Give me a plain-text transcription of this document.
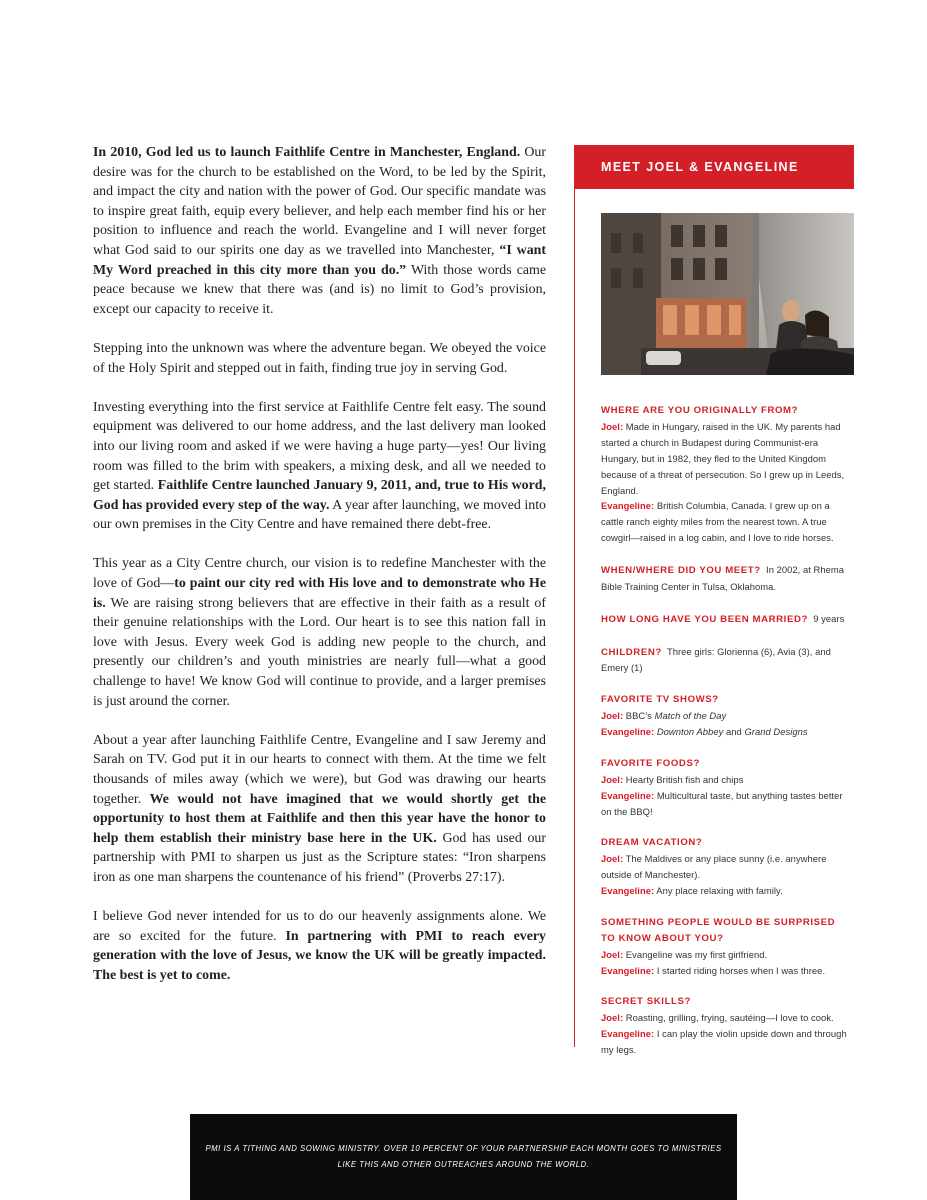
In 2010, God led us to launch Faithlife Centre in Manchester, England. Our desire was for the church to be established on the Word, to be led by the Spirit, and impact the city and nation with the power of God. Our specific mandate was to inspire great faith, equip every believer, and help each member find his or her position to influence and reach the world. Evangeline and I will never forget what God said to our spirits one day as we travelled into Manchester, “I want My Word preached in this city more than you do.” With those words came peace because we knew that there was (and is) no limit to God’s provision, except our capacity to receive it.

Stepping into the unknown was where the adventure began. We obeyed the voice of the Holy Spirit and stepped out in faith, finding true joy in serving God.

Investing everything into the first service at Faithlife Centre felt easy. The sound equipment was delivered to our home address, and the last delivery man looked into our living room and asked if we were having a huge party—yes! Our living room was filled to the brim with speakers, a mixing desk, and all we needed to get started. Faithlife Centre launched January 9, 2011, and, true to His word, God has provided every step of the way. A year after launching, we moved into our own premises in the City Centre and have remained there debt-free.

This year as a City Centre church, our vision is to redefine Manchester with the love of God—to paint our city red with His love and to demonstrate who He is. We are raising strong believers that are effective in their faith as a result of their genuine relationships with the Lord. Our heart is to see this nation fall in love with Jesus. Every week God is adding new people to the church, and presently our children’s and youth ministries are nearly full—what a good challenge to have! We know God will continue to provide, and a larger premises is just around the corner.

About a year after launching Faithlife Centre, Evangeline and I saw Jeremy and Sarah on TV. God put it in our hearts to connect with them. At the time we felt thousands of miles away (which we were), but God was drawing our hearts together. We would not have imagined that we would shortly get the opportunity to host them at Faithlife and then this year have the honor to help them establish their ministry base here in the UK. God has used our partnership with PMI to sharpen us just as the Scripture states: “Iron sharpens iron as one man sharpens the countenance of his friend” (Proverbs 27:17).

I believe God never intended for us to do our heavenly assignments alone. We are so excited for the future. In partnering with PMI to reach every generation with the love of Jesus, we know the UK will be greatly impacted. The best is yet to come.

MEET JOEL & EVANGELINE
WHERE ARE YOU ORIGINALLY FROM?
Joel: Made in Hungary, raised in the UK. My parents had started a church in Budapest during Communist-era Hungary, but in 1982, they fled to the United Kingdom because of a threat of persecution. So I grew up in Leeds, England.
Evangeline: British Columbia, Canada. I grew up on a cattle ranch eighty miles from the nearest town. A true cowgirl—raised in a log cabin, and I love to ride horses.
WHEN/WHERE DID YOU MEET?  In 2002, at Rhema Bible Training Center in Tulsa, Oklahoma.
HOW LONG HAVE YOU BEEN MARRIED?  9 years
CHILDREN?  Three girls: Glorienna (6), Avia (3), and Emery (1)
FAVORITE TV SHOWS?
Joel: BBC’s Match of the Day
Evangeline: Downton Abbey and Grand Designs
FAVORITE FOODS?
Joel: Hearty British fish and chips
Evangeline: Multicultural taste, but anything tastes better on the BBQ!
DREAM VACATION?
Joel: The Maldives or any place sunny (i.e. anywhere outside of Manchester).
Evangeline: Any place relaxing with family.
SOMETHING PEOPLE WOULD BE SURPRISED TO KNOW ABOUT YOU?
Joel: Evangeline was my first girlfriend.
Evangeline: I started riding horses when I was three.
SECRET SKILLS?
Joel: Roasting, grilling, frying, sautéing—I love to cook.
Evangeline: I can play the violin upside down and through my legs.
PMI IS A TITHING AND SOWING MINISTRY. OVER 10 PERCENT OF YOUR PARTNERSHIP EACH MONTH GOES TO MINISTRIES
LIKE THIS AND OTHER OUTREACHES AROUND THE WORLD.
